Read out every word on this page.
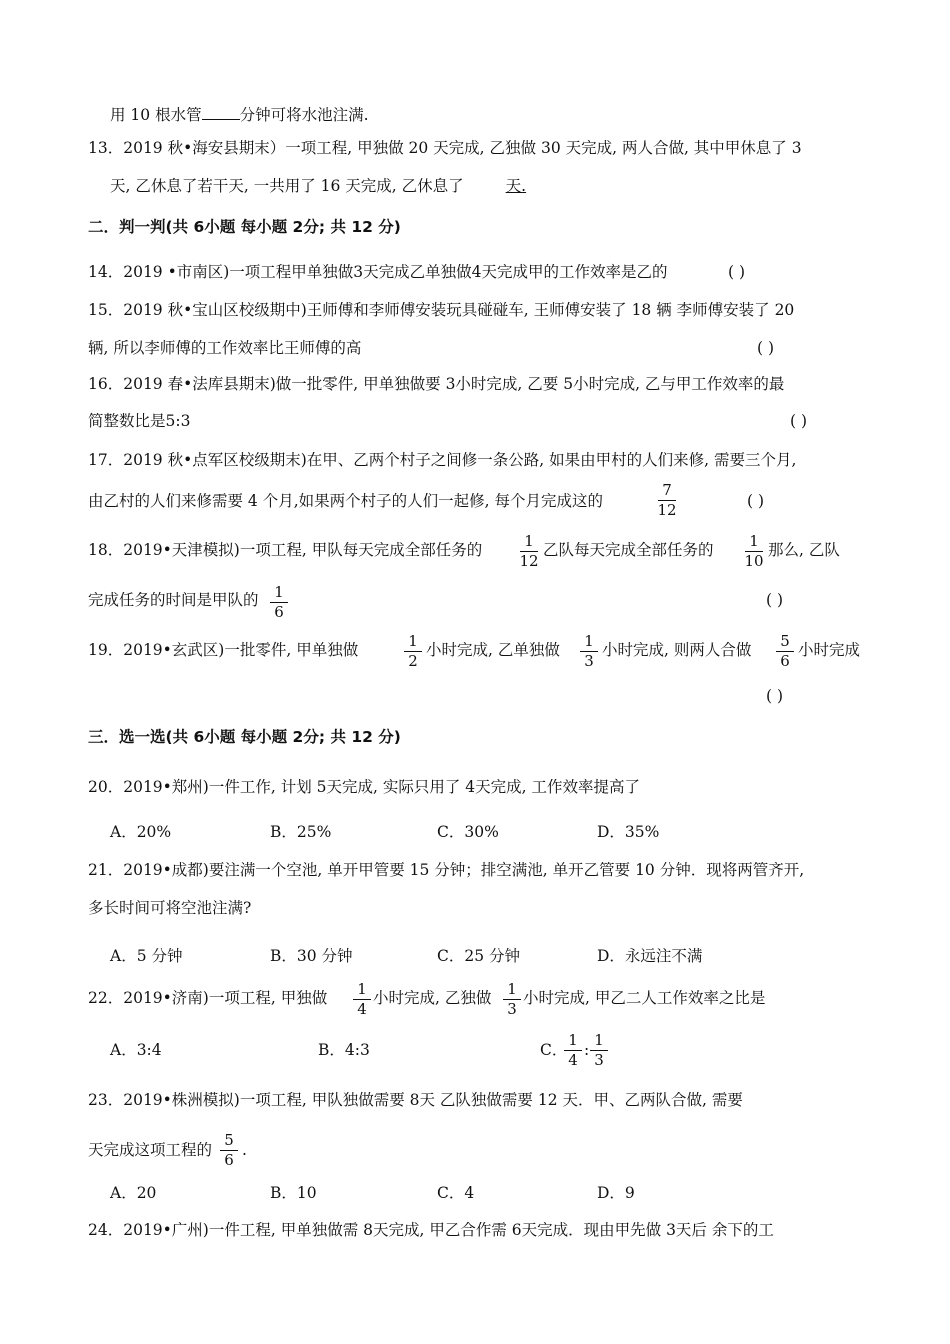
用 10 根水管 分钟可将水池注满.
13．2019 秋•海安县期末）一项工程, 甲独做 20 天完成, 乙独做 30 天完成, 两人合做, 其中甲休息了 3
天, 乙休息了若干天, 一共用了 16 天完成, 乙休息了	天.
二．判一判(共 6小题 每小题 2分; 共 12 分)
14．2019 •市南区)一项工程甲单独做3天完成乙单独做4天完成甲的工作效率是乙的	( )
15．2019 秋•宝山区校级期中)王师傅和李师傅安装玩具碰碰车, 王师傅安装了 18 辆 李师傅安装了 20
辆, 所以李师傅的工作效率比王师傅的高	( )
16．2019 春•法库县期末)做一批零件, 甲单独做要 3小时完成, 乙要 5小时完成, 乙与甲工作效率的最
简整数比是5:3	( )
17．2019 秋•点军区校级期末)在甲、乙两个村子之间修一条公路, 如果由甲村的人们来修, 需要三个月,
由乙村的人们来修需要 4 个月,如果两个村子的人们一起修, 每个月完成这的
7
12	( )
18．2019•天津模拟)一项工程, 甲队每天完成全部任务的	1
12
乙队每天完成全部任务的	1
10
那么, 乙队
完成任务的时间是甲队的	1
6
( )
19．2019•玄武区)一批零件, 甲单独做	1
2
小时完成, 乙单独做	1
3
小时完成, 则两人合做	5
6
小时完成
( )
三．选一选(共 6小题 每小题 2分; 共 12 分)
20．2019•郑州)一件工作, 计划 5天完成, 实际只用了 4天完成, 工作效率提高了
A．20%	B．25%	C．30%	D．35%
21．2019•成都)要注满一个空池, 单开甲管要 15 分钟；排空满池, 单开乙管要 10 分钟．现将两管齐开,
多长时间可将空池注满?
A．5 分钟	B．30 分钟	C．25 分钟	D．永远注不满
22．2019•济南)一项工程, 甲独做	1
4
小时完成, 乙独做	1
3
小时完成, 甲乙二人工作效率之比是
A．3:4	B．4:3	C．
1
4
:
1
3
23．2019•株洲模拟)一项工程, 甲队独做需要 8天 乙队独做需要 12 天．甲、乙两队合做, 需要
天完成这项工程的
5
6
.
A．20	B．10	C．4	D．9
24．2019•广州)一件工程, 甲单独做需 8天完成, 甲乙合作需 6天完成．现由甲先做 3天后 余下的工
